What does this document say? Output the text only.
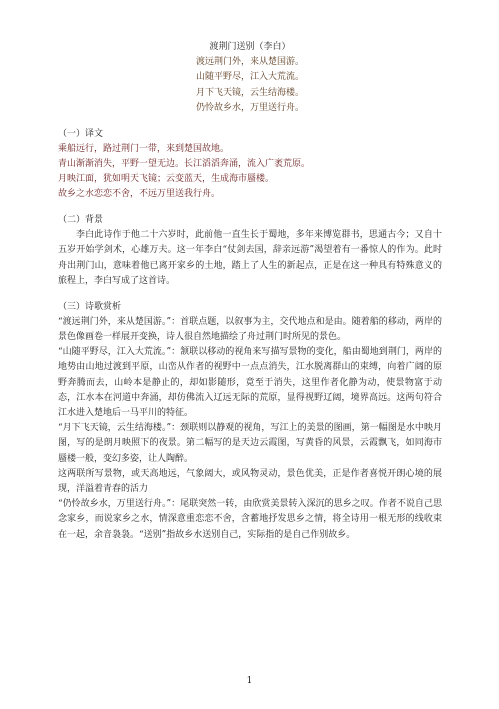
渡荆门送别（李白）

渡远荆门外，来从楚国游。

山随平野尽，江入大荒流。

月下飞天镜，云生结海楼。

仍怜故乡水，万里送行舟。

（一）译文

乘船远行，路过荆门一带，来到楚国故地。

青山渐渐消失，平野一望无边。长江滔滔奔涌，流入广袤荒原。

月映江面，犹如明天飞镜；云变蓝天，生成海市蜃楼。

故乡之水恋恋不舍，不远万里送我行舟。

（二）背景

李白此诗作于他二十六岁时，此前他一直生长于蜀地，多年来博览群书，思通古今；又自十五岁开始学剑术，心雄万夫。这一年李白“仗剑去国，辞亲远游”渴望着有一番惊人的作为。此时舟出荆门山，意味着他已离开家乡的土地，踏上了人生的新起点，正是在这一种具有特殊意义的旅程上，李白写成了这首诗。

（三）诗歌赏析

“渡远荆门外，来从楚国游。”：首联点题，以叙事为主，交代地点和是由。随着船的移动，两岸的景色像画卷一样展开变换，诗人很自然地描绘了舟过荆门时所见的景色。

“山随平野尽，江入大荒流。”：颔联以移动的视角来写描写景物的变化，船由蜀地到荆门，两岸的地势由山地过渡到平原，山峦从作者的视野中一点点消失，江水脱离群山的束缚，向着广阔的原野奔腾而去，山岭本是静止的，却如影随形，竟至于消失，这里作者化静为动，使景物富于动态，江水本在河道中奔涌，却仿佛流入辽远无际的荒原，显得视野辽阔，境界高远。这两句符合江水进入楚地后一马平川的特征。

“月下飞天镜，云生结海楼。”：颈联则以静观的视角，写江上的美景的图画，第一幅图是水中映月图，写的是朗月映照下的夜景。第二幅写的是天边云霞图，写黄昏的风景，云霞飘飞，如同海市蜃楼一般，变幻多姿，让人陶醉。

这两联所写景物，或天高地远，气象阔大，或风物灵动，景色优美，正是作者喜悦开朗心境的展现，洋溢着青春的活力

“仍怜故乡水，万里送行舟。”：尾联突然一转，由欣赏美景转入深沉的思乡之叹。作者不说自己思念家乡，而说家乡之水，情深意重恋恋不舍，含蓄地抒发思乡之情，将全诗用一根无形的线收束在一起，余音袅袅。“送别”指故乡水送别自己，实际指的是自己作别故乡。

1
